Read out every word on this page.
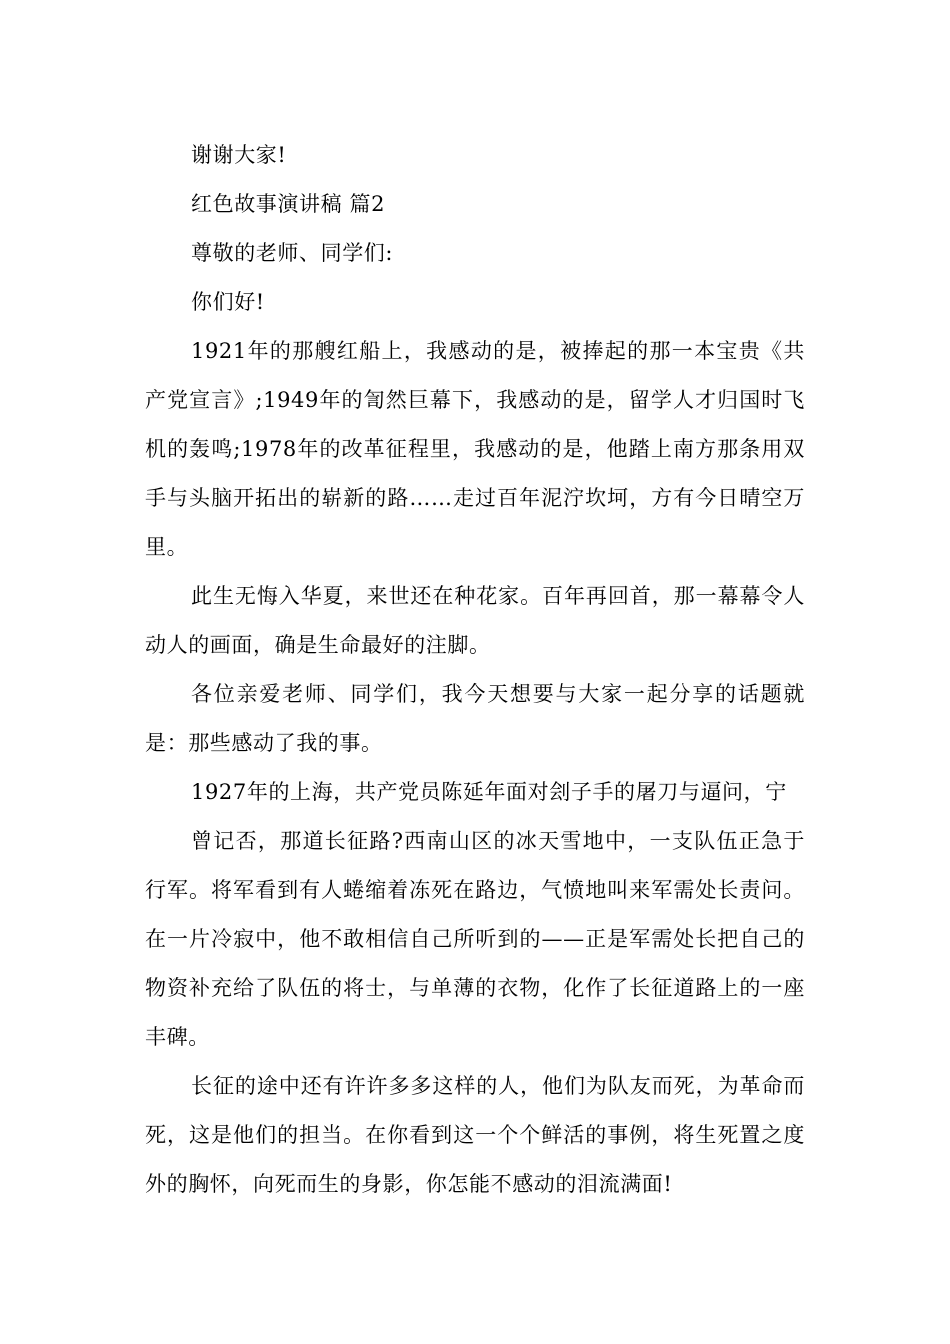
谢谢大家!

红色故事演讲稿 篇2

尊敬的老师、同学们:

你们好!

1921年的那艘红船上，我感动的是，被捧起的那一本宝贵《共产党宣言》;1949年的訇然巨幕下，我感动的是，留学人才归国时飞机的轰鸣;1978年的改革征程里，我感动的是，他踏上南方那条用双手与头脑开拓出的崭新的路……走过百年泥泞坎坷，方有今日晴空万里。

此生无悔入华夏，来世还在种花家。百年再回首，那一幕幕令人动人的画面，确是生命最好的注脚。

各位亲爱老师、同学们，我今天想要与大家一起分享的话题就是：那些感动了我的事。

1927年的上海，共产党员陈延年面对刽子手的屠刀与逼问，宁

曾记否，那道长征路?西南山区的冰天雪地中，一支队伍正急于行军。将军看到有人蜷缩着冻死在路边，气愤地叫来军需处长责问。在一片冷寂中，他不敢相信自己所听到的——正是军需处长把自己的物资补充给了队伍的将士，与单薄的衣物，化作了长征道路上的一座丰碑。

长征的途中还有许许多多这样的人，他们为队友而死，为革命而死，这是他们的担当。在你看到这一个个鲜活的事例，将生死置之度外的胸怀，向死而生的身影，你怎能不感动的泪流满面!
